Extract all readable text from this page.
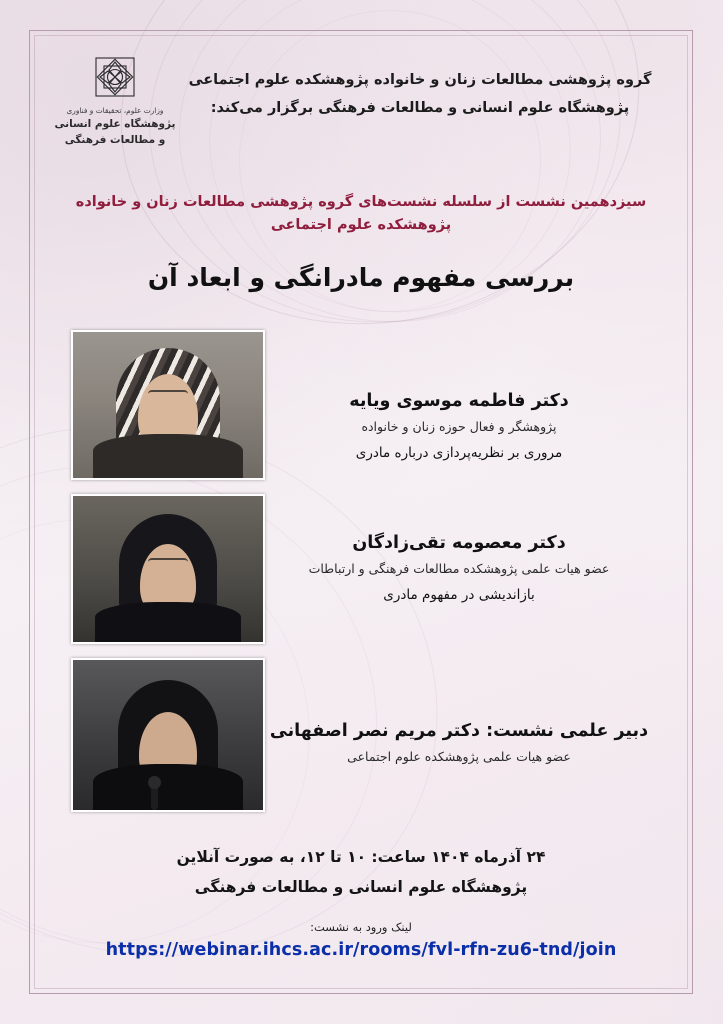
گروه پژوهشی مطالعات زنان و خانواده پژوهشکده علوم اجتماعی
پژوهشگاه علوم انسانی و مطالعات فرهنگی برگزار می‌کند:
وزارت علوم، تحقیقات و فناوری
پژوهشگاه علوم انسانی و مطالعات فرهنگی
سیزدهمین نشست از سلسله نشست‌های گروه پژوهشی مطالعات زنان و خانواده پژوهشکده علوم اجتماعی
بررسی مفهوم مادرانگی و ابعاد آن
دکتر فاطمه موسوی ویایه
پژوهشگر و فعال حوزه زنان و خانواده
مروری بر نظریه‌پردازی درباره مادری
دکتر معصومه تقی‌زادگان
عضو هیات علمی پژوهشکده مطالعات فرهنگی و ارتباطات
بازاندیشی در مفهوم مادری
دبیر علمی نشست: دکتر مریم نصر اصفهانی
عضو هیات علمی پژوهشکده علوم اجتماعی
۲۴ آذرماه ۱۴۰۴ ساعت: ۱۰ تا ۱۲، به صورت آنلاین
پژوهشگاه علوم انسانی و مطالعات فرهنگی
لینک ورود به نشست:
https://webinar.ihcs.ac.ir/rooms/fvl-rfn-zu6-tnd/join
